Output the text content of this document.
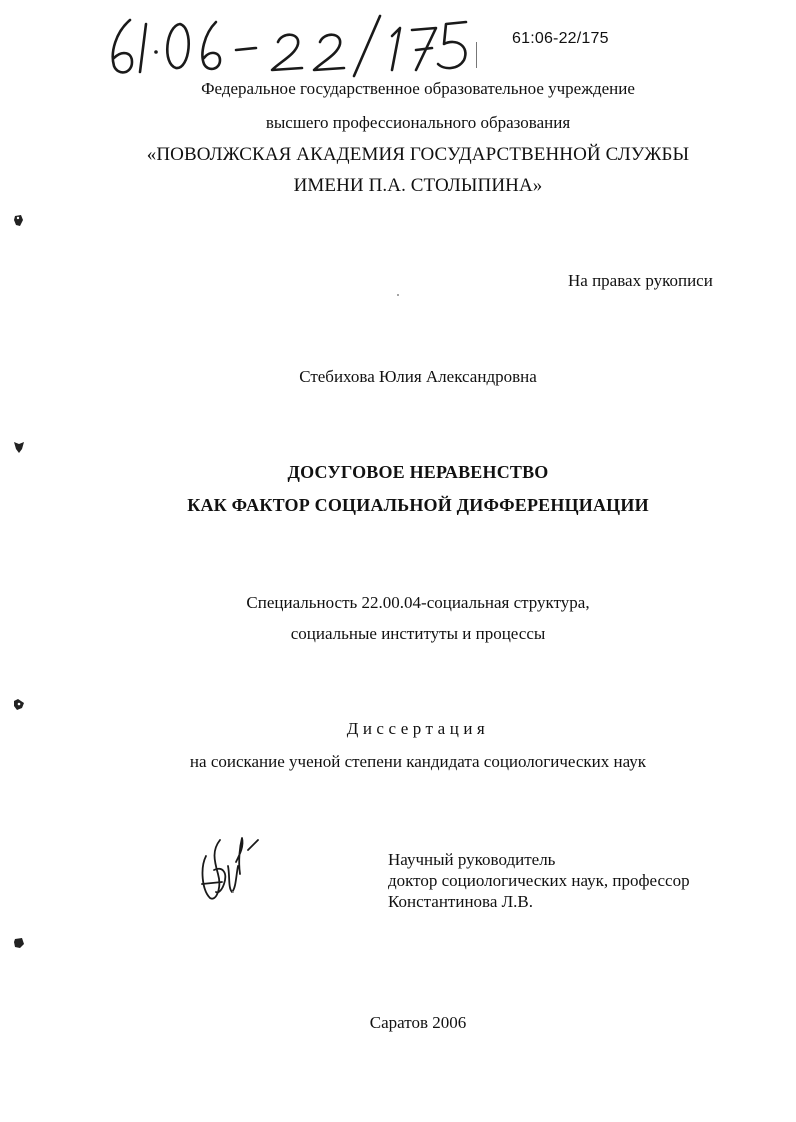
61:06-22/175
Федеральное государственное образовательное учреждение
высшего профессионального образования
«ПОВОЛЖСКАЯ АКАДЕМИЯ ГОСУДАРСТВЕННОЙ СЛУЖБЫ
ИМЕНИ П.А. СТОЛЫПИНА»
На правах рукописи
Стебихова Юлия Александровна
ДОСУГОВОЕ НЕРАВЕНСТВО
КАК ФАКТОР СОЦИАЛЬНОЙ ДИФФЕРЕНЦИАЦИИ
Специальность 22.00.04-социальная структура,
социальные институты и процессы
Диссертация
на соискание ученой степени кандидата социологических наук
Научный руководитель
доктор социологических наук, профессор
Константинова Л.В.
Саратов 2006
